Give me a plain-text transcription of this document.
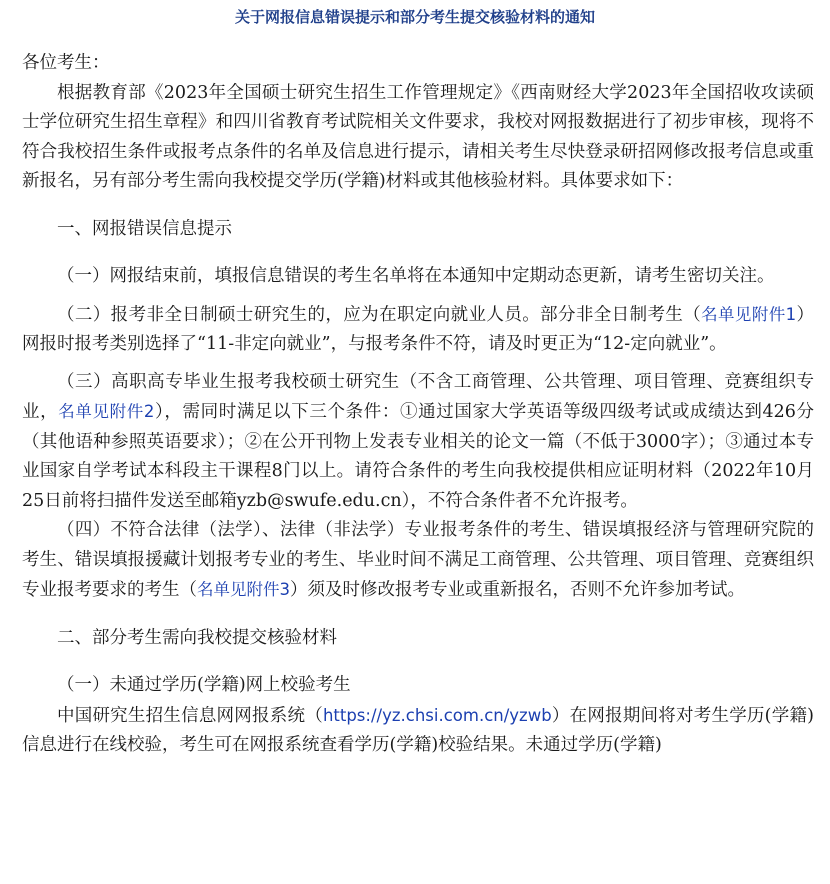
关于网报信息错误提示和部分考生提交核验材料的通知

各位考生：

根据教育部《2023年全国硕士研究生招生工作管理规定》《西南财经大学2023年全国招收攻读硕士学位研究生招生章程》和四川省教育考试院相关文件要求，我校对网报数据进行了初步审核，现将不符合我校招生条件或报考点条件的名单及信息进行提示，请相关考生尽快登录研招网修改报考信息或重新报名，另有部分考生需向我校提交学历(学籍)材料或其他核验材料。具体要求如下：

一、网报错误信息提示

（一）网报结束前，填报信息错误的考生名单将在本通知中定期动态更新，请考生密切关注。

（二）报考非全日制硕士研究生的，应为在职定向就业人员。部分非全日制考生（名单见附件1）网报时报考类别选择了“11-非定向就业”，与报考条件不符，请及时更正为“12-定向就业”。

（三）高职高专毕业生报考我校硕士研究生（不含工商管理、公共管理、项目管理、竞赛组织专业，名单见附件2），需同时满足以下三个条件：①通过国家大学英语等级四级考试或成绩达到426分（其他语种参照英语要求）；②在公开刊物上发表专业相关的论文一篇（不低于3000字）；③通过本专业国家自学考试本科段主干课程8门以上。请符合条件的考生向我校提供相应证明材料（2022年10月25日前将扫描件发送至邮箱yzb@swufe.edu.cn），不符合条件者不允许报考。

（四）不符合法律（法学）、法律（非法学）专业报考条件的考生、错误填报经济与管理研究院的考生、错误填报援藏计划报考专业的考生、毕业时间不满足工商管理、公共管理、项目管理、竞赛组织专业报考要求的考生（名单见附件3）须及时修改报考专业或重新报名，否则不允许参加考试。

二、部分考生需向我校提交核验材料

（一）未通过学历(学籍)网上校验考生

中国研究生招生信息网网报系统（https://yz.chsi.com.cn/yzwb）在网报期间将对考生学历(学籍)信息进行在线校验，考生可在网报系统查看学历(学籍)校验结果。未通过学历(学籍)
